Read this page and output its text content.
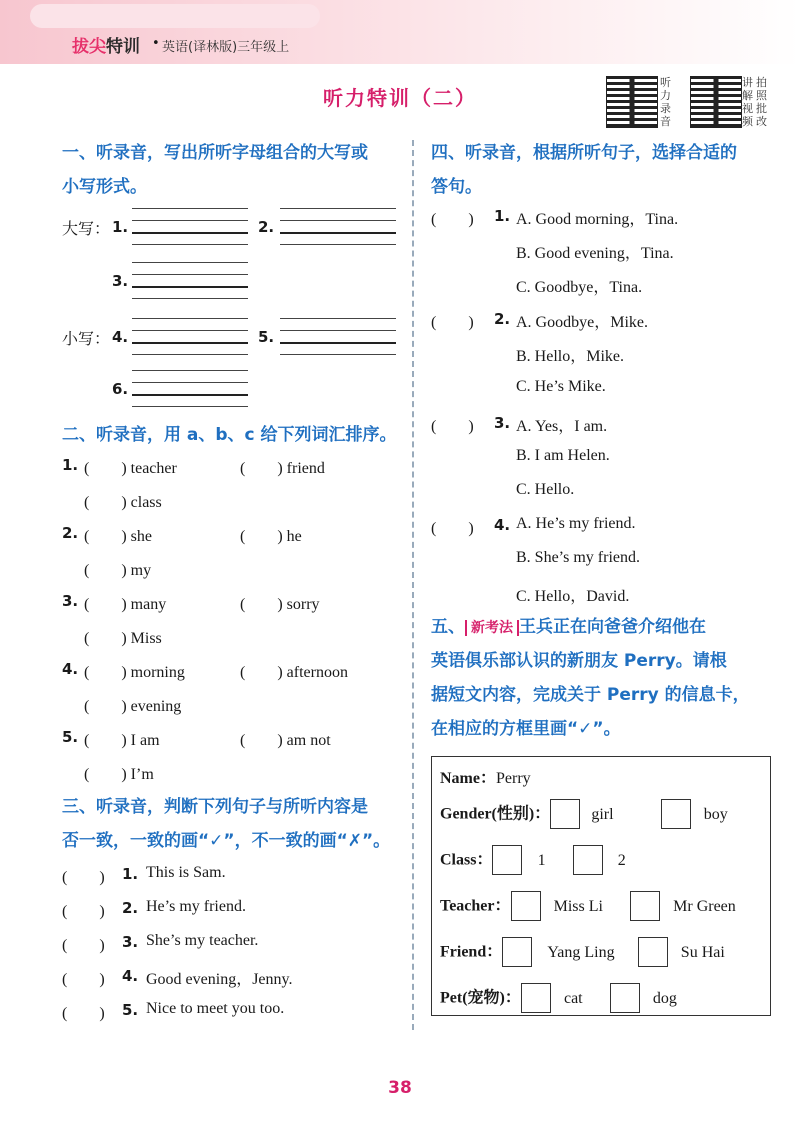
拔尖特训 • 英语(译林版)三年级上
听力特训（二）
听力录音
讲解视频
拍照批改
一、听录音，写出所听字母组合的大写或
小写形式。
大写： 1.	2.
3.
小写： 4.	5.
6.
二、听录音，用 a、b、c 给下列词汇排序。
1. (　　) teacher	(　　) friend
(　　) class
2. (　　) she	(　　) he
(　　) my
3. (　　) many	(　　) sorry
(　　) Miss
4. (　　) morning	(　　) afternoon
(　　) evening
5. (　　) I am	(　　) am not
(　　) I’m
三、听录音，判断下列句子与所听内容是
否一致，一致的画“✓”，不一致的画“✗”。
(　　) 1. This is Sam.
(　　) 2. He’s my friend.
(　　) 3. She’s my teacher.
(　　) 4. Good evening，Jenny.
(　　) 5. Nice to meet you too.
四、听录音，根据所听句子，选择合适的
答句。
(　　) 1. A. Good morning，Tina.
B. Good evening，Tina.
C. Goodbye，Tina.
(　　) 2. A. Goodbye，Mike.
B. Hello，Mike.
C. He’s Mike.
(　　) 3. A. Yes，I am.
B. I am Helen.
C. Hello.
(　　) 4. A. He’s my friend.
B. She’s my friend.
C. Hello，David.
五、 新考法 王兵正在向爸爸介绍他在
英语俱乐部认识的新朋友 Perry。请根
据短文内容，完成关于 Perry 的信息卡，
在相应的方框里画“✓”。
Name：Perry
Gender(性别)：	girl	boy
Class：	1	2
Teacher：	Miss Li	Mr Green
Friend：	Yang Ling	Su Hai
Pet(宠物)：	cat	dog
38
